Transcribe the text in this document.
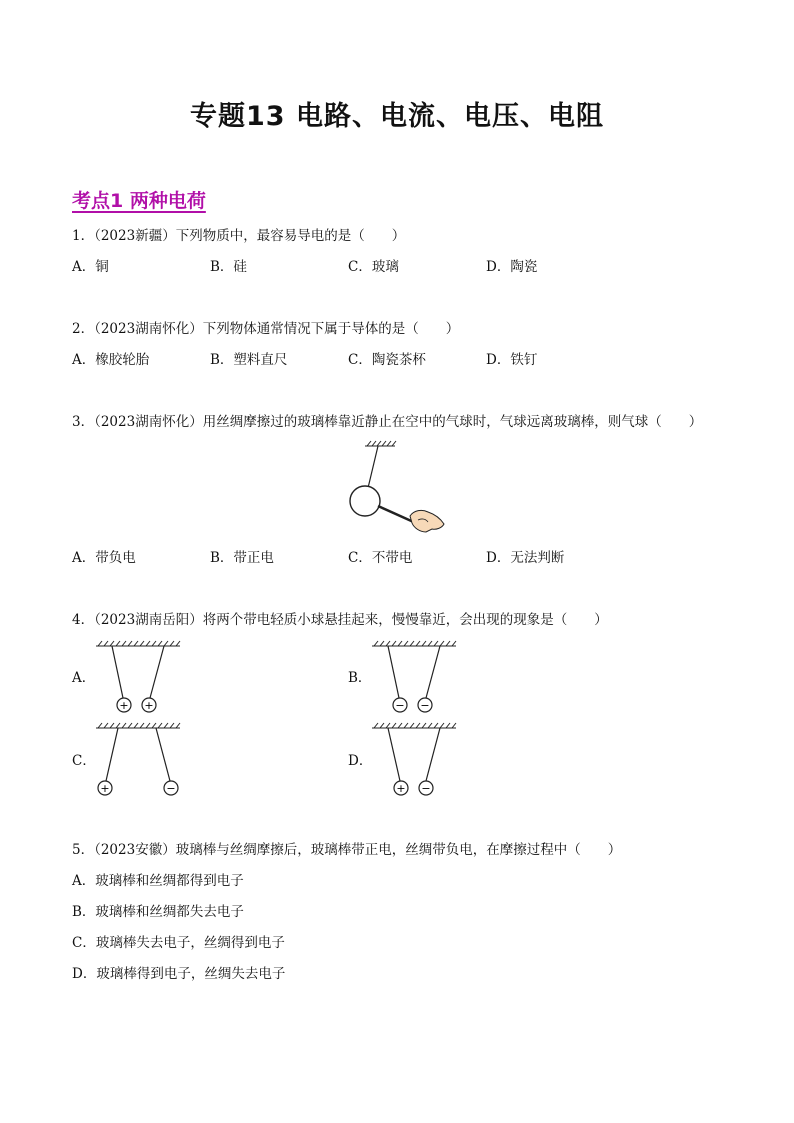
专题13 电路、电流、电压、电阻
考点1 两种电荷
1．（2023新疆）下列物质中，最容易导电的是（　　）
A．铜	B．硅	C．玻璃	D．陶瓷
2．（2023湖南怀化）下列物体通常情况下属于导体的是（　　）
A．橡胶轮胎	B．塑料直尺	C．陶瓷茶杯	D．铁钉
3．（2023湖南怀化）用丝绸摩擦过的玻璃棒靠近静止在空中的气球时，气球远离玻璃棒，则气球（　　）
A．带负电	B．带正电	C．不带电	D．无法判断
4．（2023湖南岳阳）将两个带电轻质小球悬挂起来，慢慢靠近，会出现的现象是（　　）
A．
+ +
B．
− −
C．
+	−
D．
+ −
5．（2023安徽）玻璃棒与丝绸摩擦后，玻璃棒带正电，丝绸带负电，在摩擦过程中（　　）
A．玻璃棒和丝绸都得到电子
B．玻璃棒和丝绸都失去电子
C．玻璃棒失去电子，丝绸得到电子
D．玻璃棒得到电子，丝绸失去电子
